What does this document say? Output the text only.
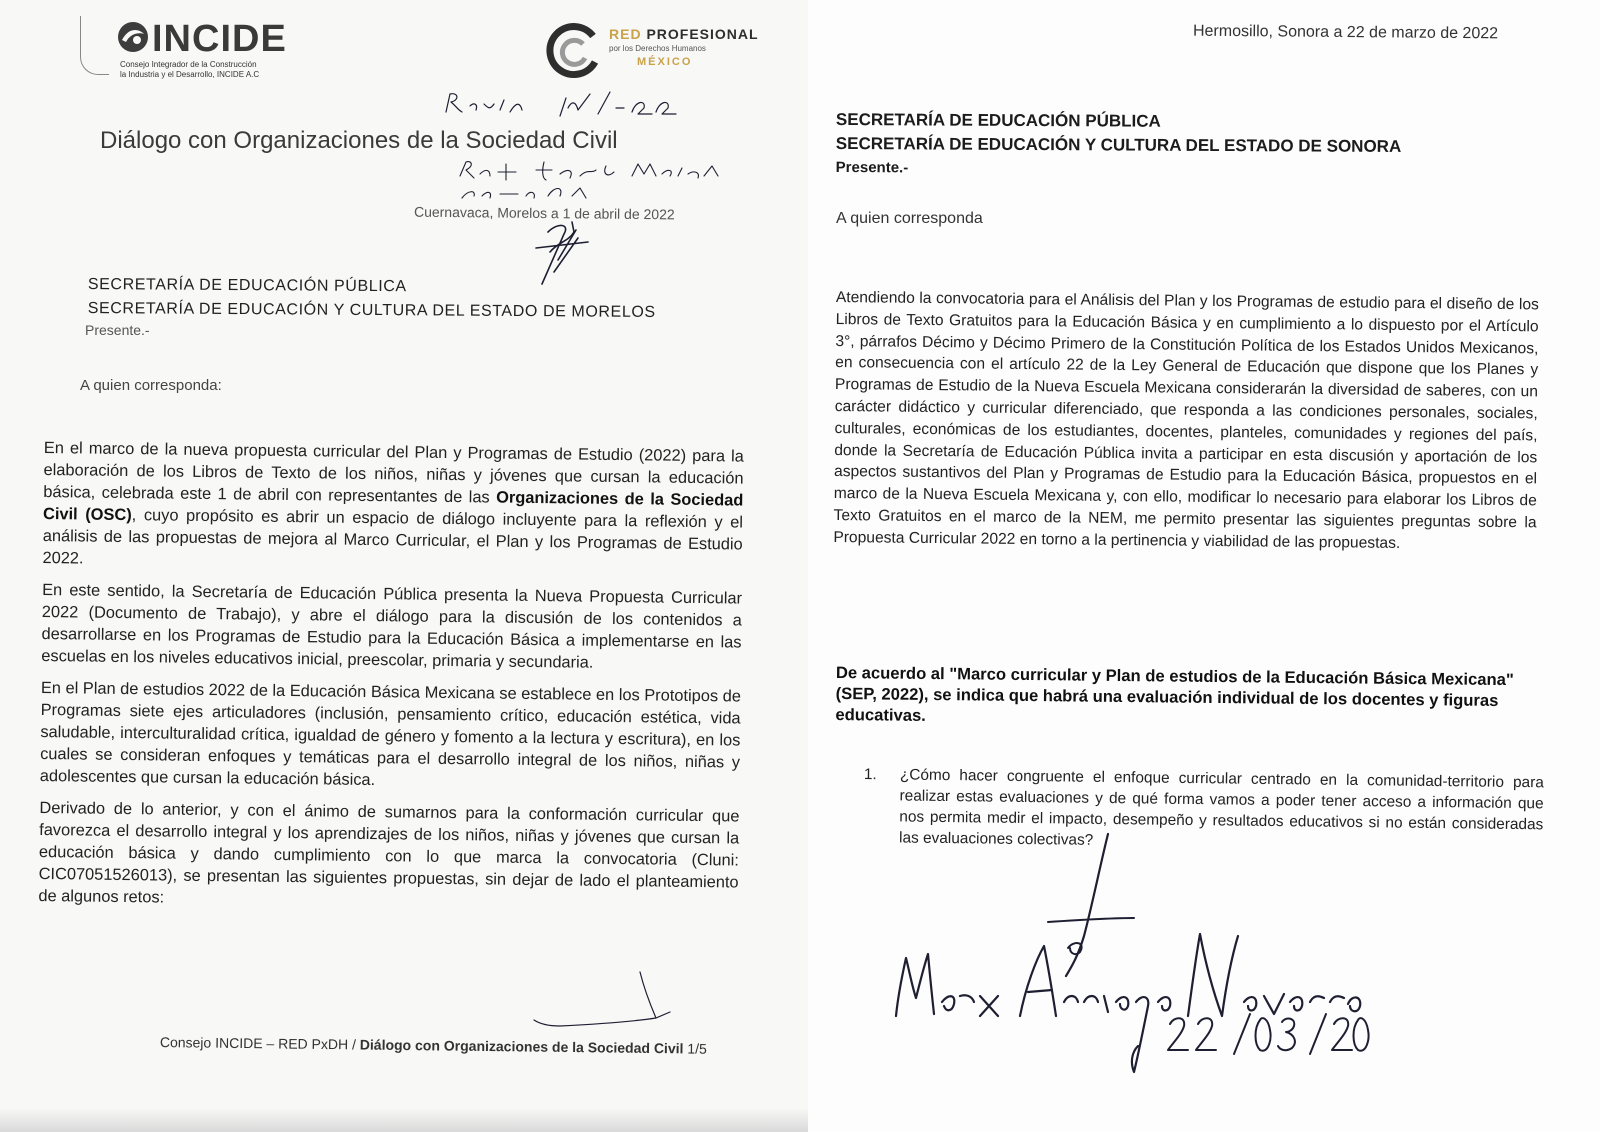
INCIDE
Consejo Integrador de la Construcción
la Industria y el Desarrollo, INCIDE A.C
RED PROFESIONAL
por los Derechos Humanos
MÉXICO
Diálogo con Organizaciones de la Sociedad Civil
Cuernavaca, Morelos a 1 de abril de 2022
SECRETARÍA DE EDUCACIÓN PÚBLICA
SECRETARÍA DE EDUCACIÓN Y CULTURA DEL ESTADO DE MORELOS
Presente.-
A quien corresponda:

En el marco de la nueva propuesta curricular del Plan y Programas de Estudio (2022) para la elaboración de los Libros de Texto de los niños, niñas y jóvenes que cursan la educación básica, celebrada este 1 de abril con representantes de las Organizaciones de la Sociedad Civil (OSC), cuyo propósito es abrir un espacio de diálogo incluyente para la reflexión y el análisis de las propuestas de mejora al Marco Curricular, el Plan y los Programas de Estudio 2022.

En este sentido, la Secretaría de Educación Pública presenta la Nueva Propuesta Curricular 2022 (Documento de Trabajo), y abre el diálogo para la discusión de los contenidos a desarrollarse en los Programas de Estudio para la Educación Básica a implementarse en las escuelas en los niveles educativos inicial, preescolar, primaria y secundaria.

En el Plan de estudios 2022 de la Educación Básica Mexicana se establece en los Prototipos de Programas siete ejes articuladores (inclusión, pensamiento crítico, educación estética, vida saludable, interculturalidad crítica, igualdad de género y fomento a la lectura y escritura), en los cuales se consideran enfoques y temáticas para el desarrollo integral de los niños, niñas y adolescentes que cursan la educación básica.

Derivado de lo anterior, y con el ánimo de sumarnos para la conformación curricular que favorezca el desarrollo integral y los aprendizajes de los niños, niñas y jóvenes que cursan la educación básica y dando cumplimiento con lo que marca la convocatoria (Cluni: CIC07051526013), se presentan las siguientes propuestas, sin dejar de lado el planteamiento de algunos retos:

Consejo INCIDE – RED PxDH / Diálogo con Organizaciones de la Sociedad Civil 1/5
Hermosillo, Sonora a 22 de marzo de 2022
SECRETARÍA DE EDUCACIÓN PÚBLICA
SECRETARÍA DE EDUCACIÓN Y CULTURA DEL ESTADO DE SONORA
Presente.-
A quien corresponda

Atendiendo la convocatoria para el Análisis del Plan y los Programas de estudio para el diseño de los Libros de Texto Gratuitos para la Educación Básica y en cumplimiento a lo dispuesto por el Artículo 3°, párrafos Décimo y Décimo Primero de la Constitución Política de los Estados Unidos Mexicanos, en consecuencia con el artículo 22 de la Ley General de Educación que dispone que los Planes y Programas de Estudio de la Nueva Escuela Mexicana considerarán la diversidad de saberes, con un carácter didáctico y curricular diferenciado, que responda a las condiciones personales, sociales, culturales, económicas de los estudiantes, docentes, planteles, comunidades y regiones del país, donde la Secretaría de Educación Pública invita a participar en esta discusión y aportación de los aspectos sustantivos del Plan y Programas de Estudio para la Educación Básica, propuestos en el marco de la Nueva Escuela Mexicana y, con ello, modificar lo necesario para elaborar los Libros de Texto Gratuitos en el marco de la NEM, me permito presentar las siguientes preguntas sobre la Propuesta Curricular 2022 en torno a la pertinencia y viabilidad de las propuestas.

De acuerdo al "Marco curricular y Plan de estudios de la Educación Básica Mexicana" (SEP, 2022), se indica que habrá una evaluación individual de los docentes y figuras educativas.

1. ¿Cómo hacer congruente el enfoque curricular centrado en la comunidad-territorio para realizar estas evaluaciones y de qué forma vamos a poder tener acceso a información que nos permita medir el impacto, desempeño y resultados educativos si no están consideradas las evaluaciones colectivas?
